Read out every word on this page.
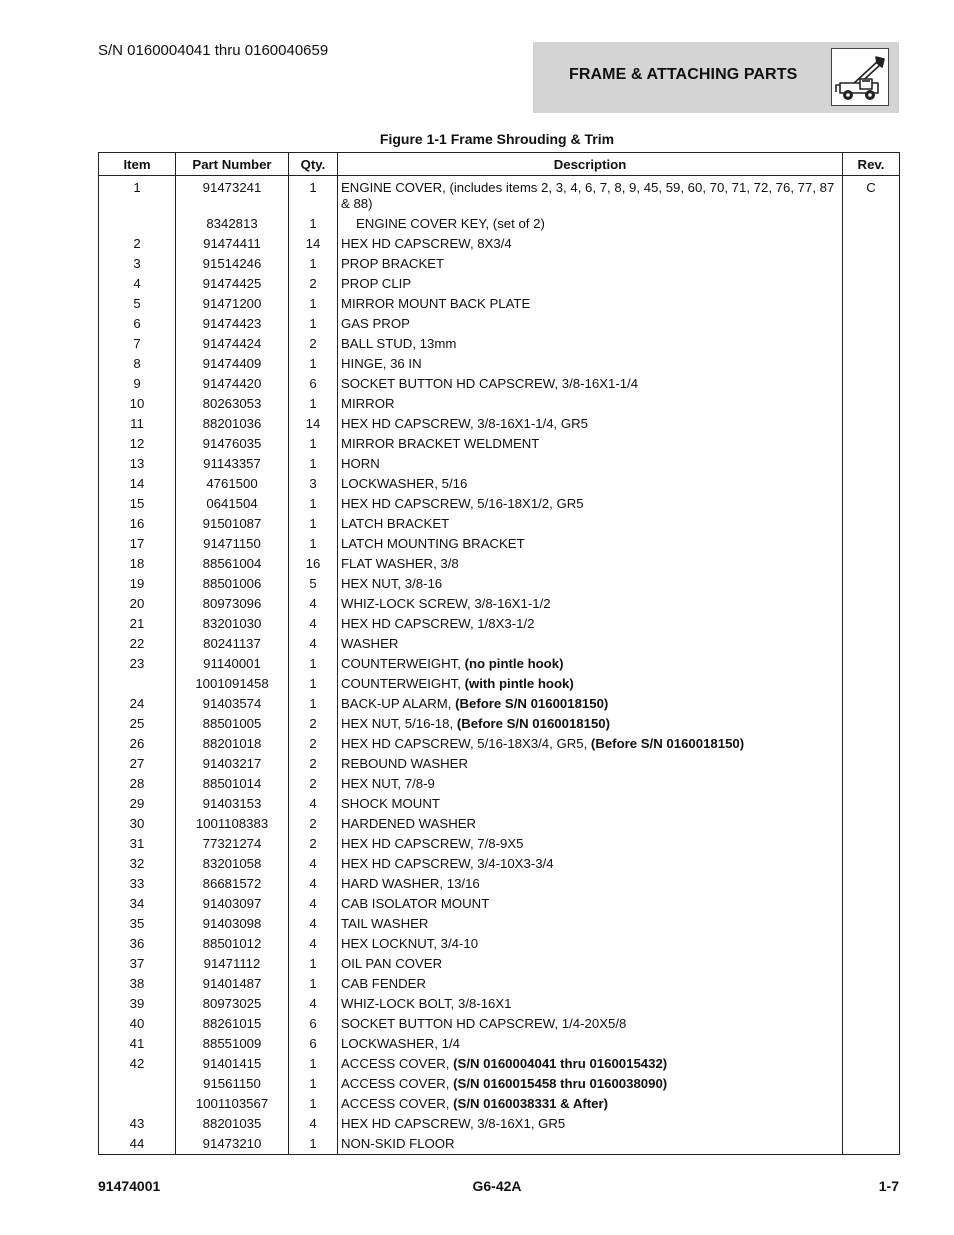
S/N 0160004041 thru 0160040659
FRAME & ATTACHING PARTS
Figure 1-1 Frame Shrouding & Trim
Item	Part Number	Qty.	Description	Rev.
1	91473241	1	ENGINE COVER, (includes items 2, 3, 4, 6, 7, 8, 9, 45, 59, 60, 70, 71, 72, 76, 77, 87 & 88)	C
	8342813	1	ENGINE COVER KEY, (set of 2)	
2	91474411	14	HEX HD CAPSCREW, 8X3/4	
3	91514246	1	PROP BRACKET	
4	91474425	2	PROP CLIP	
5	91471200	1	MIRROR MOUNT BACK PLATE	
6	91474423	1	GAS PROP	
7	91474424	2	BALL STUD, 13mm	
8	91474409	1	HINGE, 36 IN	
9	91474420	6	SOCKET BUTTON HD CAPSCREW, 3/8-16X1-1/4	
10	80263053	1	MIRROR	
11	88201036	14	HEX HD CAPSCREW, 3/8-16X1-1/4, GR5	
12	91476035	1	MIRROR BRACKET WELDMENT	
13	91143357	1	HORN	
14	4761500	3	LOCKWASHER, 5/16	
15	0641504	1	HEX HD CAPSCREW, 5/16-18X1/2, GR5	
16	91501087	1	LATCH BRACKET	
17	91471150	1	LATCH MOUNTING BRACKET	
18	88561004	16	FLAT WASHER, 3/8	
19	88501006	5	HEX NUT, 3/8-16	
20	80973096	4	WHIZ-LOCK SCREW, 3/8-16X1-1/2	
21	83201030	4	HEX HD CAPSCREW, 1/8X3-1/2	
22	80241137	4	WASHER	
23	91140001	1	COUNTERWEIGHT, (no pintle hook)	
	1001091458	1	COUNTERWEIGHT, (with pintle hook)	
24	91403574	1	BACK-UP ALARM, (Before S/N 0160018150)	
25	88501005	2	HEX NUT, 5/16-18, (Before S/N 0160018150)	
26	88201018	2	HEX HD CAPSCREW, 5/16-18X3/4, GR5, (Before S/N 0160018150)	
27	91403217	2	REBOUND WASHER	
28	88501014	2	HEX NUT, 7/8-9	
29	91403153	4	SHOCK MOUNT	
30	1001108383	2	HARDENED WASHER	
31	77321274	2	HEX HD CAPSCREW, 7/8-9X5	
32	83201058	4	HEX HD CAPSCREW, 3/4-10X3-3/4	
33	86681572	4	HARD WASHER, 13/16	
34	91403097	4	CAB ISOLATOR MOUNT	
35	91403098	4	TAIL WASHER	
36	88501012	4	HEX LOCKNUT, 3/4-10	
37	91471112	1	OIL PAN COVER	
38	91401487	1	CAB FENDER	
39	80973025	4	WHIZ-LOCK BOLT, 3/8-16X1	
40	88261015	6	SOCKET BUTTON HD CAPSCREW, 1/4-20X5/8	
41	88551009	6	LOCKWASHER, 1/4	
42	91401415	1	ACCESS COVER, (S/N 0160004041 thru 0160015432)	
	91561150	1	ACCESS COVER, (S/N 0160015458 thru 0160038090)	
	1001103567	1	ACCESS COVER, (S/N 0160038331 & After)	
43	88201035	4	HEX HD CAPSCREW, 3/8-16X1, GR5	
44	91473210	1	NON-SKID FLOOR	
91474001	G6-42A	1-7
